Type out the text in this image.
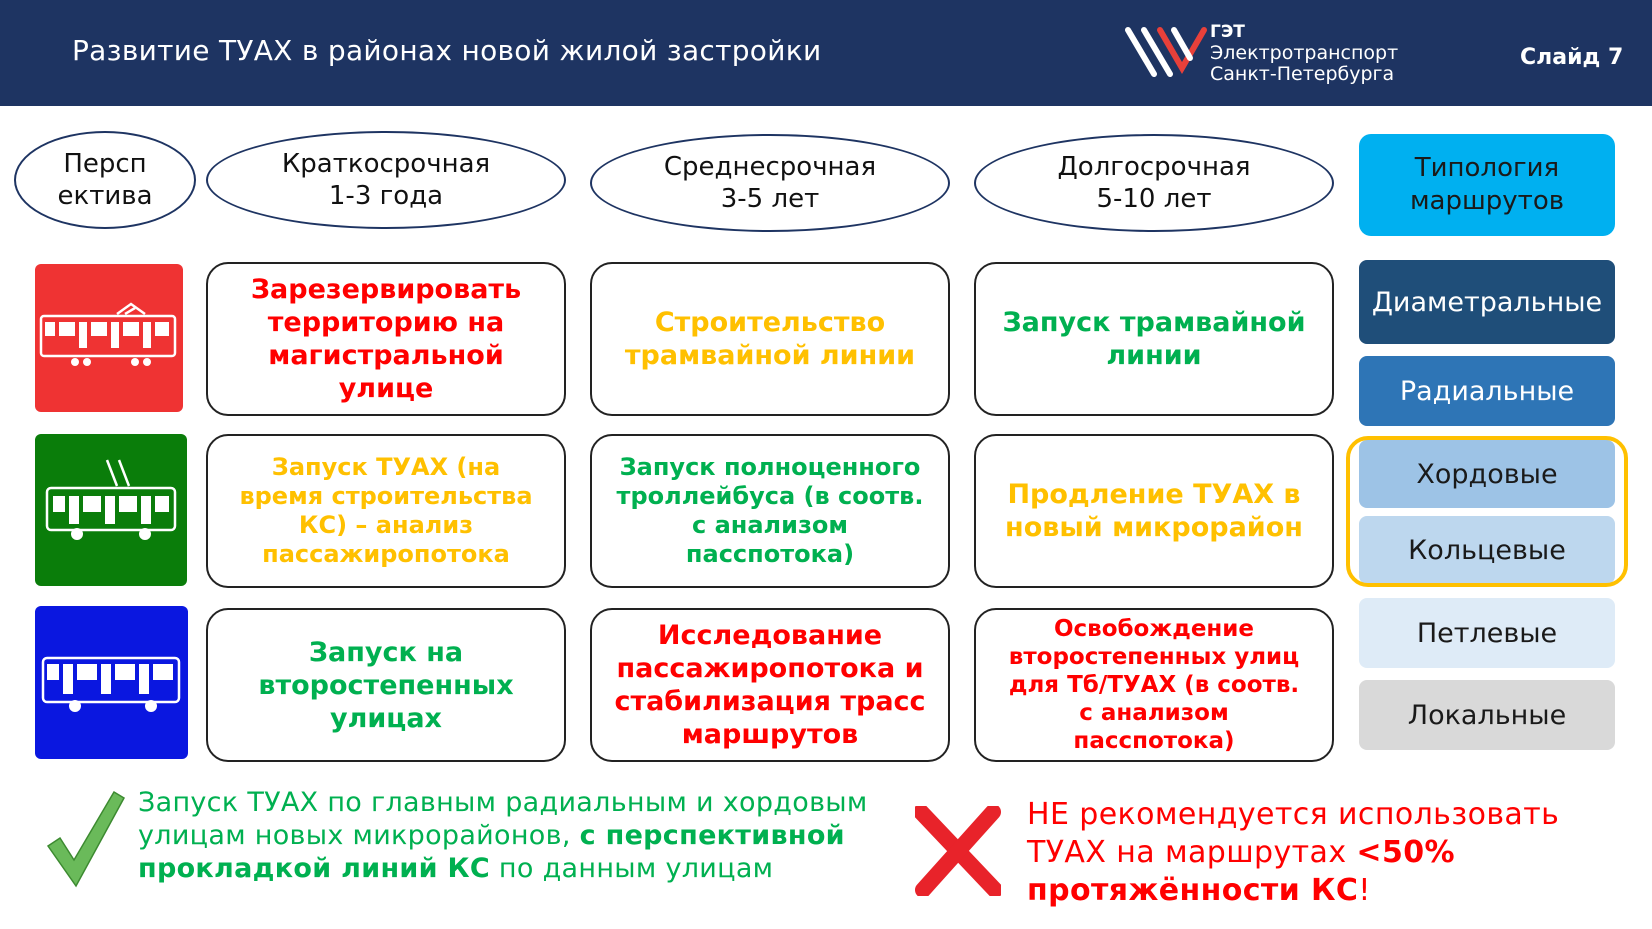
Развитие ТУАХ в районах новой жилой застройки
ГЭТ
Электротранспорт
Санкт-Петербурга
Слайд 7
Персп
ектива
Краткосрочная
1-3 года
Среднесрочная
3-5 лет
Долгосрочная
5-10 лет
Типология
маршрутов
Зарезервировать
территорию на
магистральной
улице
Строительство
трамвайной линии
Запуск трамвайной
линии
Запуск ТУАХ (на
время строительства
КС) – анализ
пассажиропотока
Запуск полноценного
троллейбуса (в соотв.
с анализом
пасспотока)
Продление ТУАХ в
новый микрорайон
Запуск на
второстепенных
улицах
Исследование
пассажиропотока и
стабилизация трасс
маршрутов
Освобождение
второстепенных улиц
для Тб/ТУАХ (в соотв.
с анализом
пасспотока)
Диаметральные
Радиальные
Хордовые
Кольцевые
Петлевые
Локальные
Запуск ТУАХ по главным радиальным и хордовым
улицам новых микрорайонов, с перспективной
прокладкой линий КС по данным улицам
НЕ рекомендуется использовать
ТУАХ на маршрутах <50%
протяжённости КС!
